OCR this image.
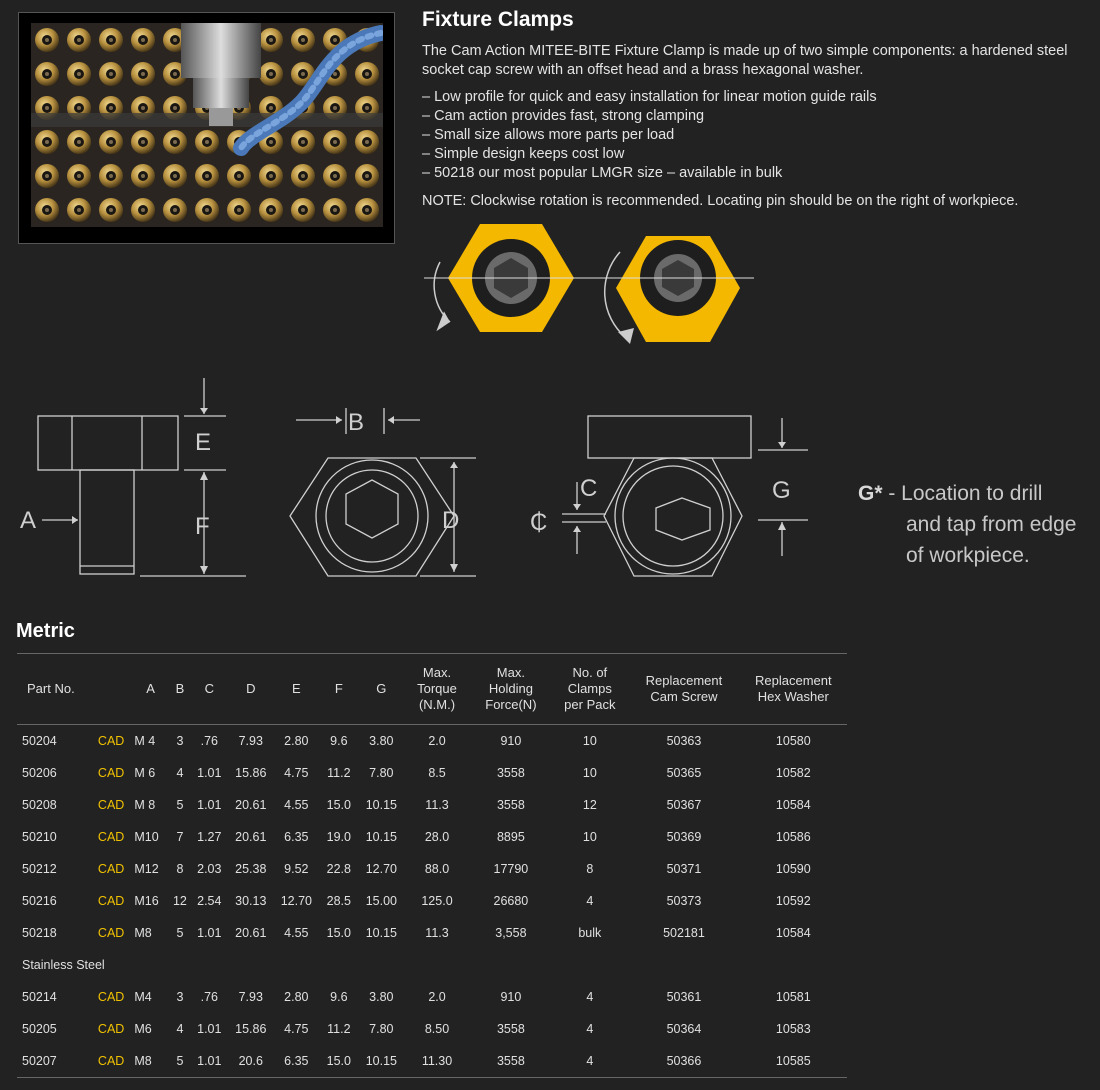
Fixture Clamps

The Cam Action MITEE-BITE Fixture Clamp is made up of two simple components: a hardened steel socket cap screw with an offset head and a brass hexagonal washer.

– Low profile for quick and easy installation for linear motion guide rails
– Cam action provides fast, strong clamping
– Small size allows more parts per load
– Simple design keeps cost low
– 50218 our most popular LMGR size – available in bulk

NOTE: Clockwise rotation is recommended. Locating pin should be on the right of workpiece.

E
F
A
B
D
C
₵
G	G* - Location to drill
and tap from edge
of workpiece.
Metric
Part No.		A	B	C	D	E	F	G	Max.
Torque
(N.M.)	Max.
Holding
Force(N)	No. of
Clamps
per Pack	Replacement
Cam Screw	Replacement
Hex Washer
50204	CAD	M 4	3	.76	7.93	2.80	9.6	3.80	2.0	910	10	50363	10580
50206	CAD	M 6	4	1.01	15.86	4.75	11.2	7.80	8.5	3558	10	50365	10582
50208	CAD	M 8	5	1.01	20.61	4.55	15.0	10.15	11.3	3558	12	50367	10584
50210	CAD	M10	7	1.27	20.61	6.35	19.0	10.15	28.0	8895	10	50369	10586
50212	CAD	M12	8	2.03	25.38	9.52	22.8	12.70	88.0	17790	8	50371	10590
50216	CAD	M16	12	2.54	30.13	12.70	28.5	15.00	125.0	26680	4	50373	10592
50218	CAD	M8	5	1.01	20.61	4.55	15.0	10.15	11.3	3,558	bulk	502181	10584
Stainless Steel													
50214	CAD	M4	3	.76	7.93	2.80	9.6	3.80	2.0	910	4	50361	10581
50205	CAD	M6	4	1.01	15.86	4.75	11.2	7.80	8.50	3558	4	50364	10583
50207	CAD	M8	5	1.01	20.6	6.35	15.0	10.15	11.30	3558	4	50366	10585
